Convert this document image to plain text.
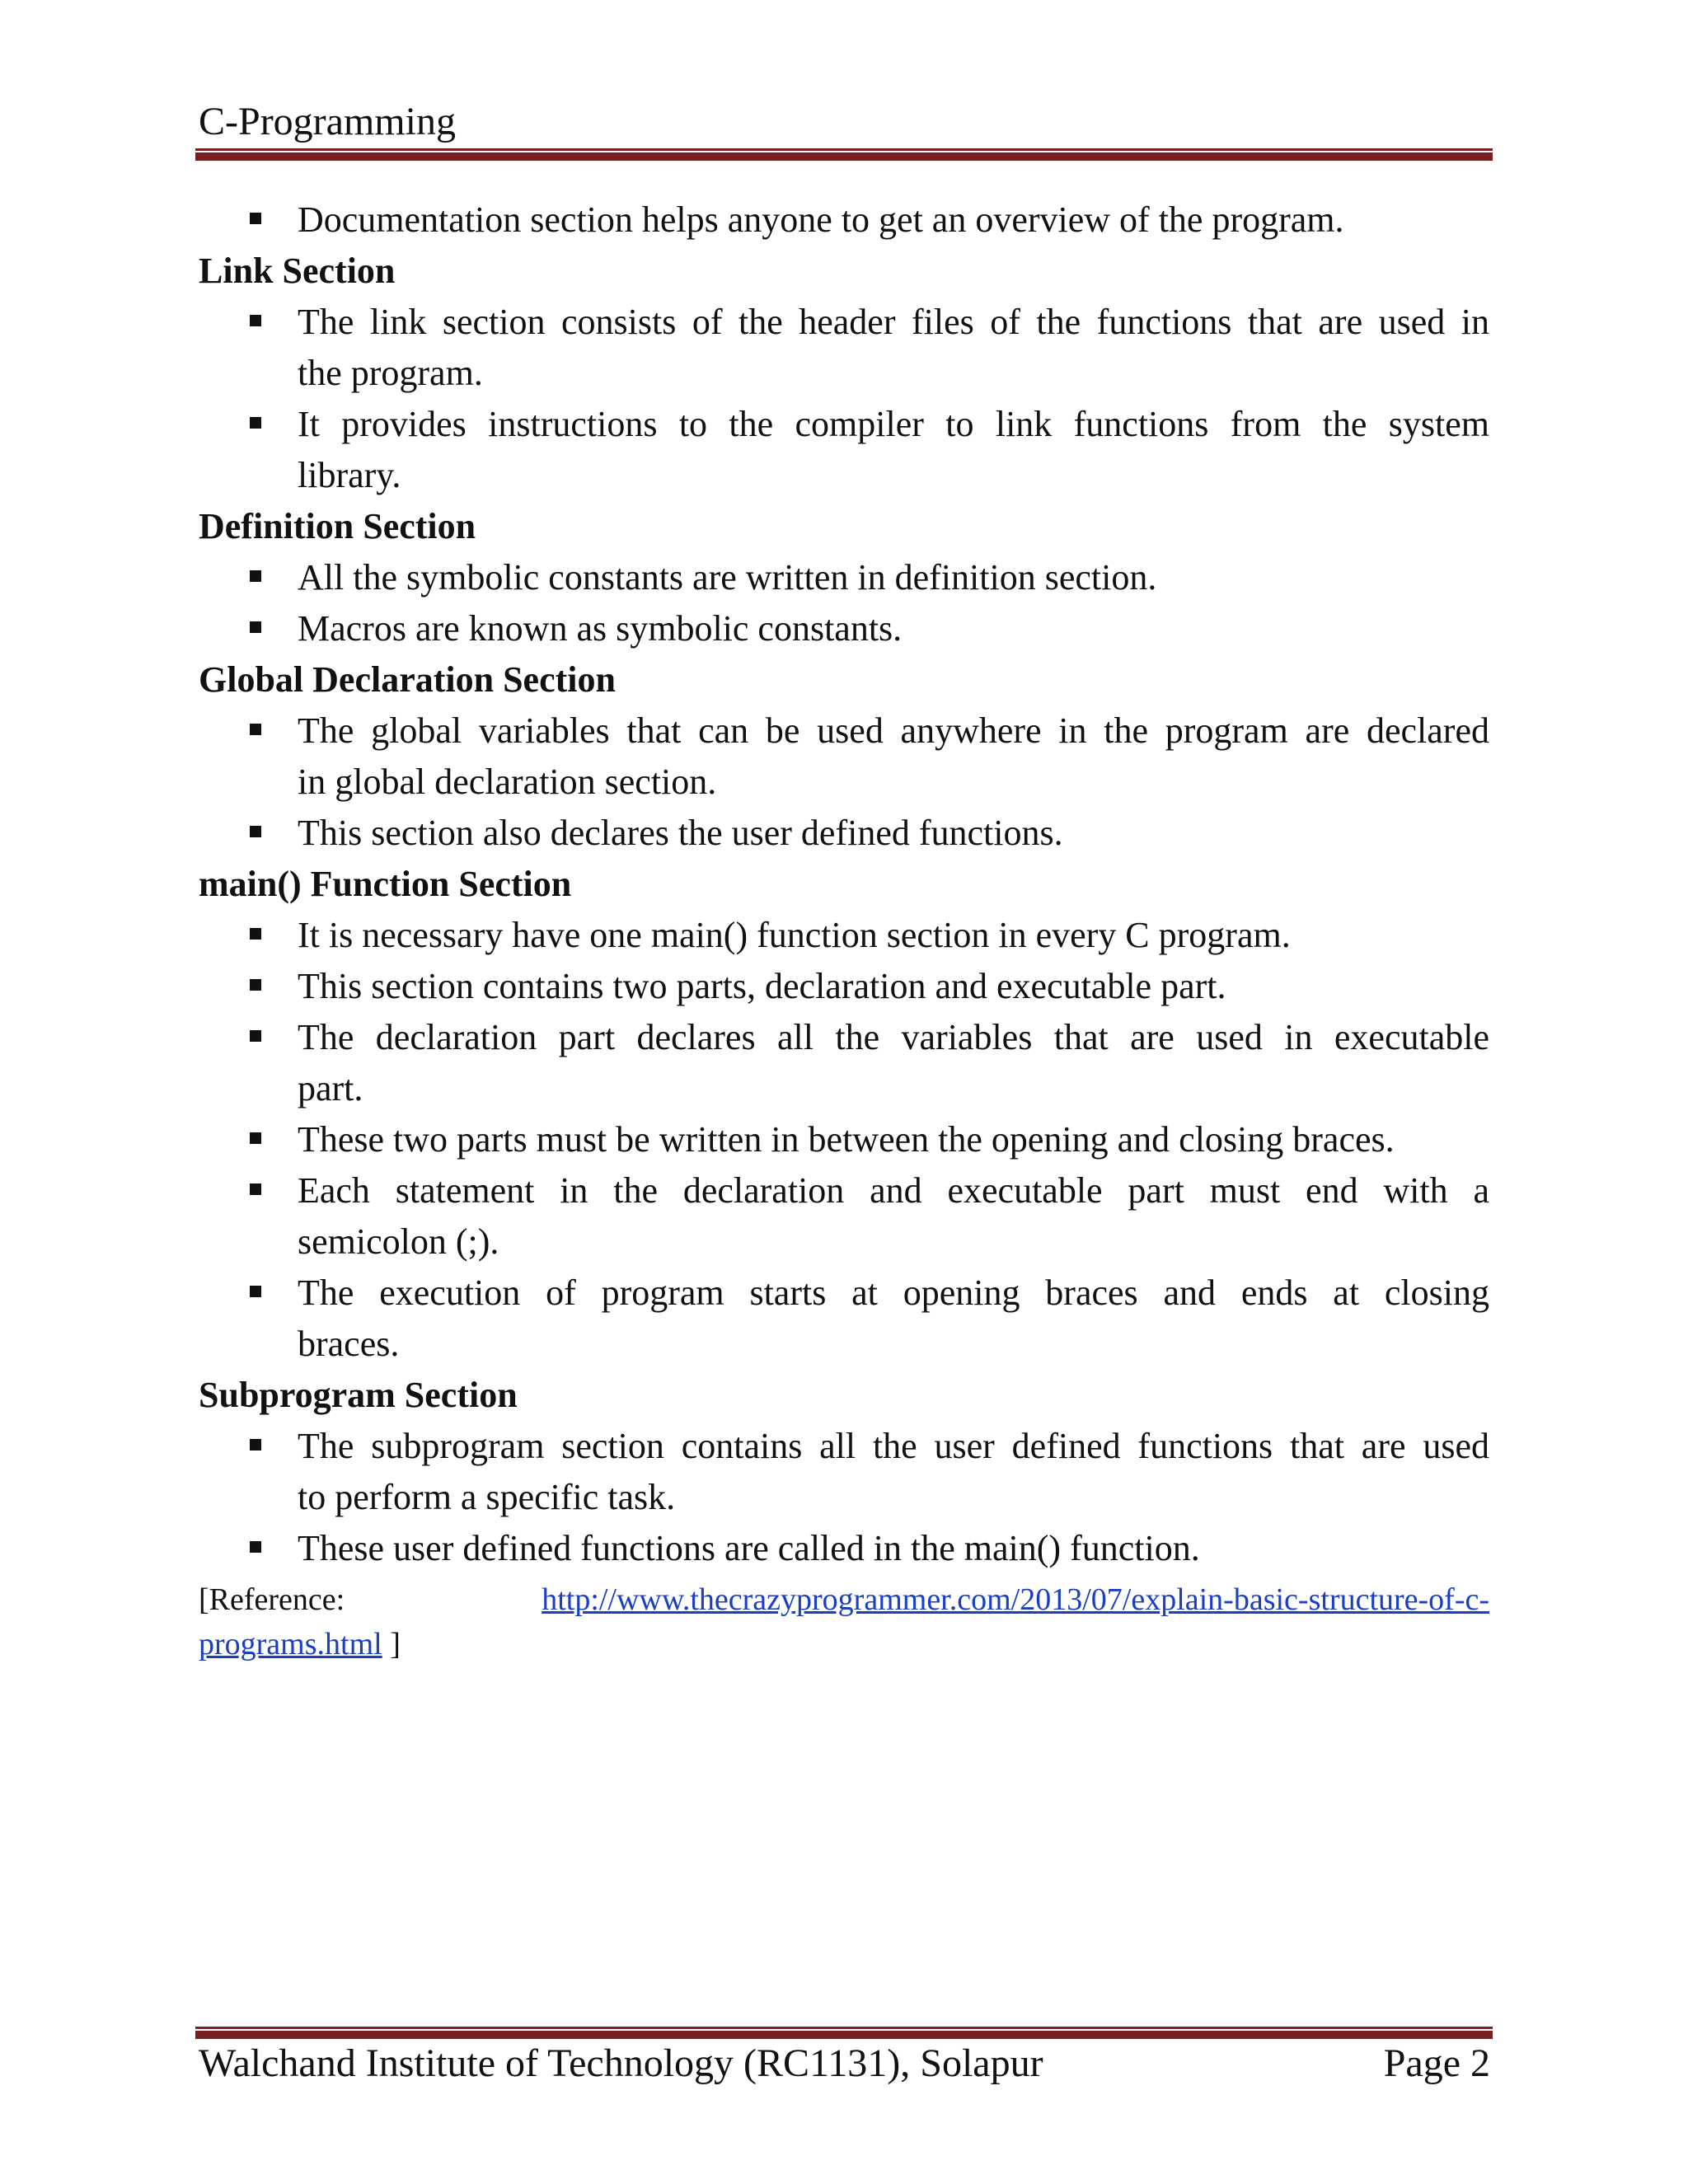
C-Programming
Documentation section helps anyone to get an overview of the program.
Link Section
The link section consists of the header files of the functions that are used in
the program.
It provides instructions to the compiler to link functions from the system
library.
Definition Section
All the symbolic constants are written in definition section.
Macros are known as symbolic constants.
Global Declaration Section
The global variables that can be used anywhere in the program are declared
in global declaration section.
This section also declares the user defined functions.
main() Function Section
It is necessary have one main() function section in every C program.
This section contains two parts, declaration and executable part.
The declaration part declares all the variables that are used in executable
part.
These two parts must be written in between the opening and closing braces.
Each statement in the declaration and executable part must end with a
semicolon (;).
The execution of program starts at opening braces and ends at closing
braces.
Subprogram Section
The subprogram section contains all the user defined functions that are used
to perform a specific task.
These user defined functions are called in the main() function.
[Reference:	http://www.thecrazyprogrammer.com/2013/07/explain-basic-structure-of-c-
programs.html ]
Walchand Institute of Technology (RC1131), Solapur	Page 2
